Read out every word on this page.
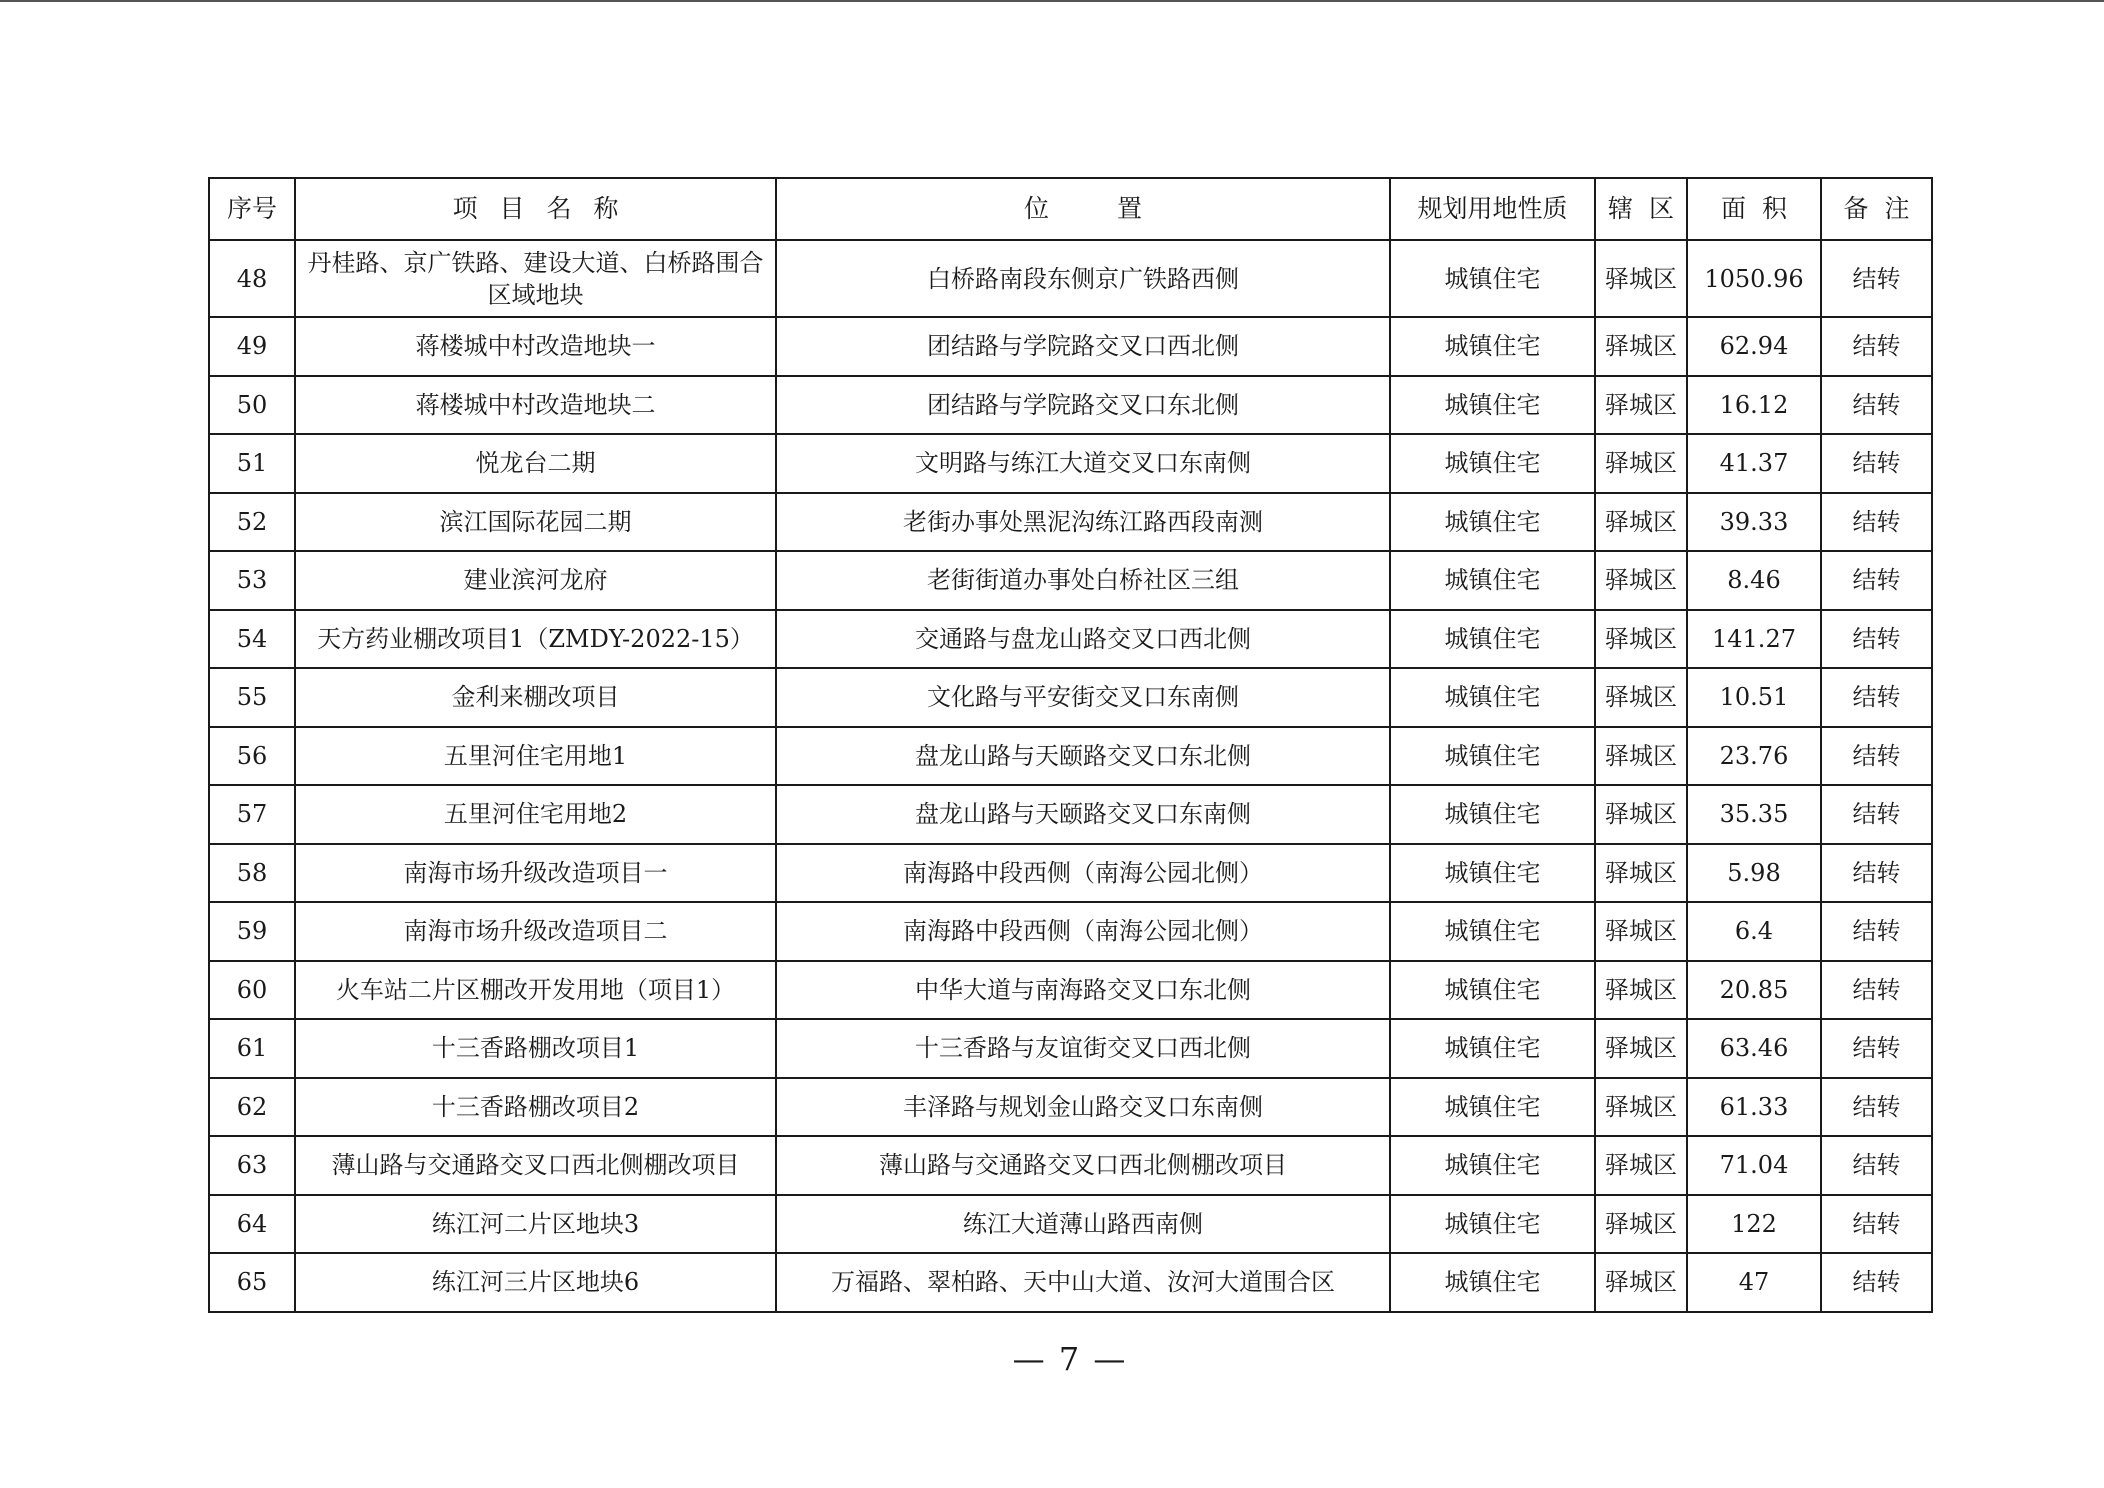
序号	项 目 名 称	位 置	规划用地性质	辖 区	面 积	备 注
48	丹桂路、京广铁路、建设大道、白桥路围合区域地块	白桥路南段东侧京广铁路西侧	城镇住宅	驿城区	1050.96	结转
49	蒋楼城中村改造地块一	团结路与学院路交叉口西北侧	城镇住宅	驿城区	62.94	结转
50	蒋楼城中村改造地块二	团结路与学院路交叉口东北侧	城镇住宅	驿城区	16.12	结转
51	悦龙台二期	文明路与练江大道交叉口东南侧	城镇住宅	驿城区	41.37	结转
52	滨江国际花园二期	老街办事处黑泥沟练江路西段南测	城镇住宅	驿城区	39.33	结转
53	建业滨河龙府	老街街道办事处白桥社区三组	城镇住宅	驿城区	8.46	结转
54	天方药业棚改项目1（ZMDY-2022-15）	交通路与盘龙山路交叉口西北侧	城镇住宅	驿城区	141.27	结转
55	金利来棚改项目	文化路与平安街交叉口东南侧	城镇住宅	驿城区	10.51	结转
56	五里河住宅用地1	盘龙山路与天颐路交叉口东北侧	城镇住宅	驿城区	23.76	结转
57	五里河住宅用地2	盘龙山路与天颐路交叉口东南侧	城镇住宅	驿城区	35.35	结转
58	南海市场升级改造项目一	南海路中段西侧（南海公园北侧）	城镇住宅	驿城区	5.98	结转
59	南海市场升级改造项目二	南海路中段西侧（南海公园北侧）	城镇住宅	驿城区	6.4	结转
60	火车站二片区棚改开发用地（项目1）	中华大道与南海路交叉口东北侧	城镇住宅	驿城区	20.85	结转
61	十三香路棚改项目1	十三香路与友谊街交叉口西北侧	城镇住宅	驿城区	63.46	结转
62	十三香路棚改项目2	丰泽路与规划金山路交叉口东南侧	城镇住宅	驿城区	61.33	结转
63	薄山路与交通路交叉口西北侧棚改项目	薄山路与交通路交叉口西北侧棚改项目	城镇住宅	驿城区	71.04	结转
64	练江河二片区地块3	练江大道薄山路西南侧	城镇住宅	驿城区	122	结转
65	练江河三片区地块6	万福路、翠柏路、天中山大道、汝河大道围合区	城镇住宅	驿城区	47	结转
— 7 —
